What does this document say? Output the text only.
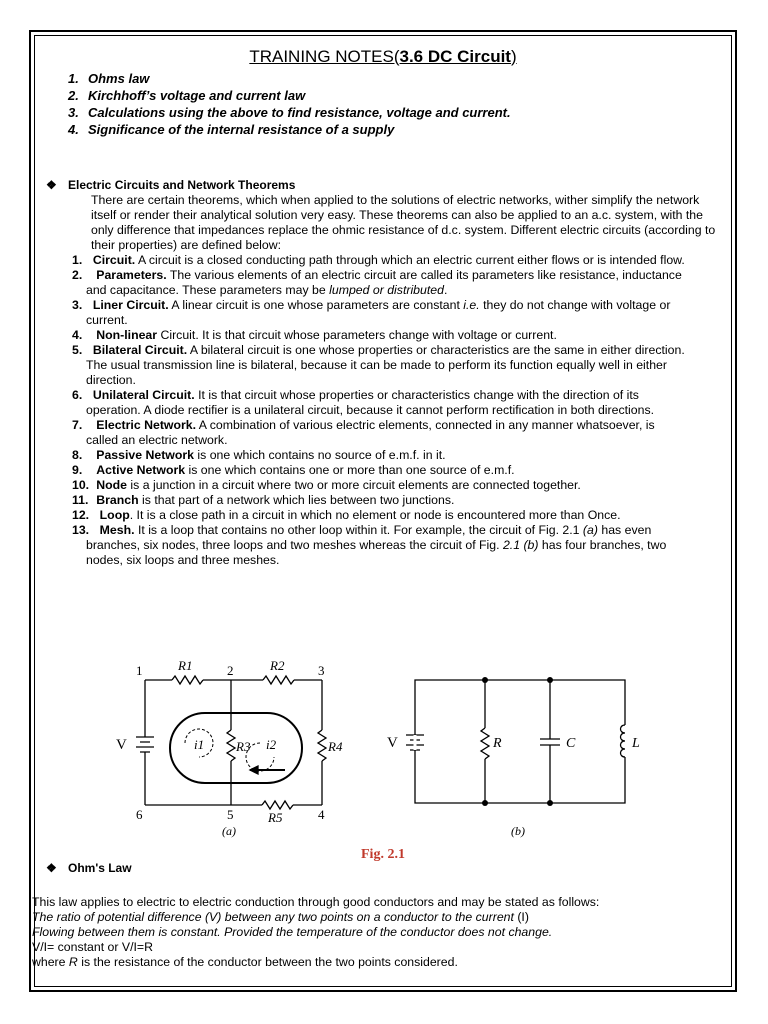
TRAINING NOTES(3.6 DC Circuit)
1. Ohms law
2. Kirchhoff’s voltage and current law
3. Calculations using the above to find resistance, voltage and current.
4. Significance of the internal resistance of a supply
❖ Electric Circuits and Network Theorems
There are certain theorems, which when applied to the solutions of electric networks, wither simplify the network itself or render their analytical solution very easy. These theorems can also be applied to an a.c. system, with the only difference that impedances replace the ohmic resistance of d.c. system. Different electric circuits (according to their properties) are defined below:
1. Circuit. A circuit is a closed conducting path through which an electric current either flows or is intended flow.
2. Parameters. The various elements of an electric circuit are called its parameters like resistance, inductance and capacitance. These parameters may be lumped or distributed.
3. Liner Circuit. A linear circuit is one whose parameters are constant i.e. they do not change with voltage or current.
4. Non-linear Circuit. It is that circuit whose parameters change with voltage or current.
5. Bilateral Circuit. A bilateral circuit is one whose properties or characteristics are the same in either direction. The usual transmission line is bilateral, because it can be made to perform its function equally well in either direction.
6. Unilateral Circuit. It is that circuit whose properties or characteristics change with the direction of its operation. A diode rectifier is a unilateral circuit, because it cannot perform rectification in both directions.
7. Electric Network. A combination of various electric elements, connected in any manner whatsoever, is called an electric network.
8. Passive Network is one which contains no source of e.m.f. in it.
9. Active Network is one which contains one or more than one source of e.m.f.
10. Node is a junction in a circuit where two or more circuit elements are connected together.
11. Branch is that part of a network which lies between two junctions.
12. Loop. It is a close path in a circuit in which no element or node is encountered more than Once.
13. Mesh. It is a loop that contains no other loop within it. For example, the circuit of Fig. 2.1 (a) has even branches, six nodes, three loops and two meshes whereas the circuit of Fig. 2.1 (b) has four branches, two nodes, six loops and three meshes.
1	2	3
4
5
6
R1	R2
R3	R4
R5
V	i1	i2
(a)
V	R	C	L
(b)
Fig. 2.1
❖ Ohm's Law
This law applies to electric to electric conduction through good conductors and may be stated as follows:
The ratio of potential difference (V) between any two points on a conductor to the current (I)
Flowing between them is constant. Provided the temperature of the conductor does not change.
V/I= constant or V/I=R
where R is the resistance of the conductor between the two points considered.
